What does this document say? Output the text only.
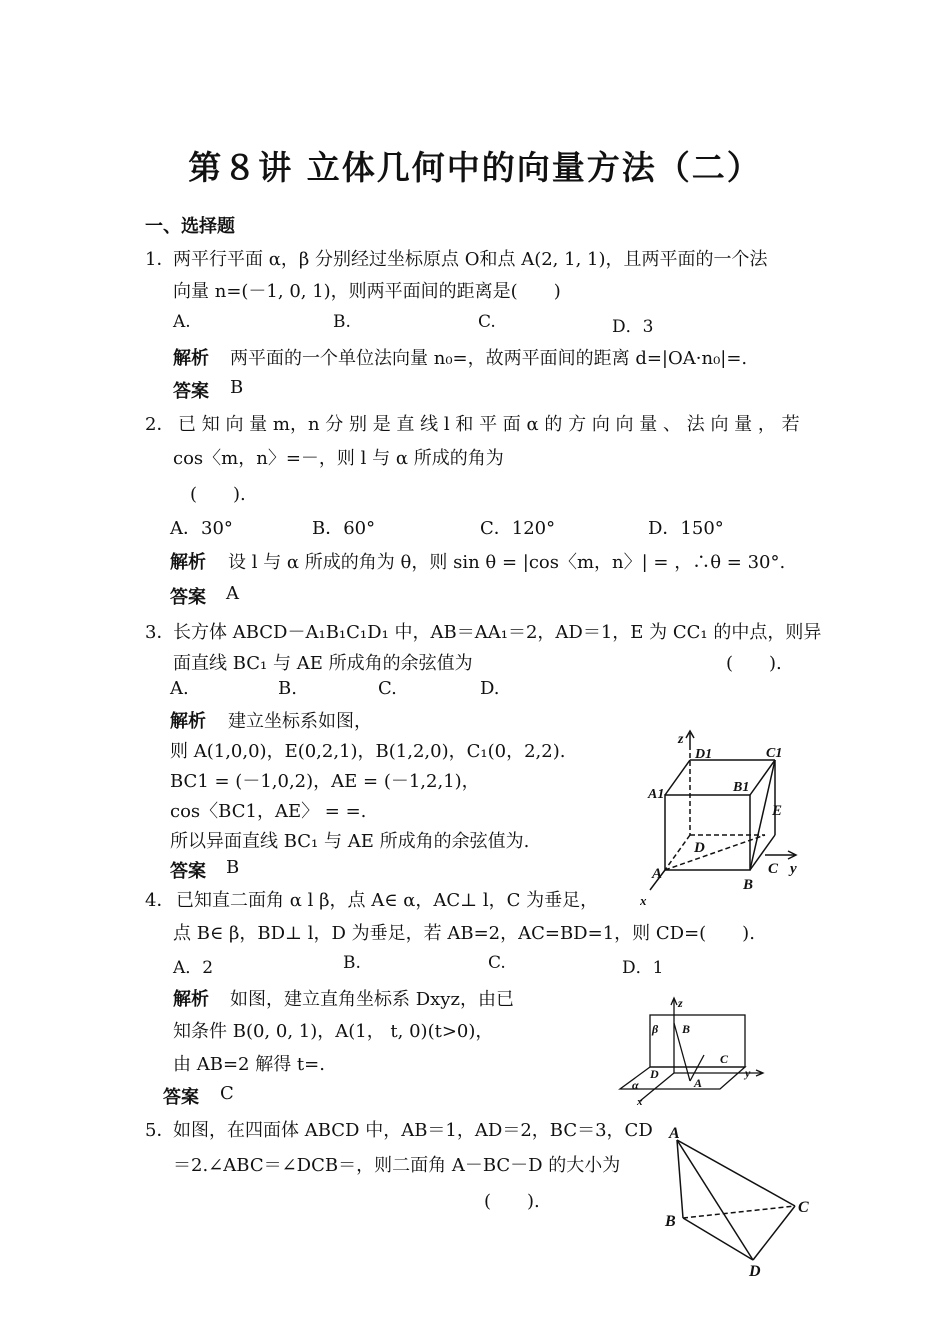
第８讲 立体几何中的向量方法（二）
一、选择题
1．
两平行平面 α，β 分别经过坐标原点 O和点 A(2, 1, 1)，且两平面的一个法
向量 n=(－1, 0, 1)，则两平面间的距离是(　　)
A.	B.	C.	D．3
解析 两平面的一个单位法向量 n₀=，故两平面间的距离 d=|OA·n₀|=.
答案 B
2． 已 知 向 量 m，n 分 别 是 直 线 l 和 平 面 α 的 方 向 向 量 、 法 向 量 ， 若
cos〈m，n〉=－，则 l 与 α 所成的角为
(　　).
A．30°	B．60°	C．120°	D．150°
解析 设 l 与 α 所成的角为 θ，则 sin θ = |cos〈m，n〉| = ，∴θ = 30°.
答案 A
3．
长方体 ABCD－A₁B₁C₁D₁ 中，AB＝AA₁＝2，AD＝1，E 为 CC₁ 的中点，则异
面直线 BC₁ 与 AE 所成角的余弦值为	(　　).
A.	B.	C.	D.
解析 建立坐标系如图，
则 A(1,0,0)，E(0,2,1)，B(1,2,0)，C₁(0，2,2).
BC1 = (－1,0,2)，AE = (－1,2,1)，
cos〈BC1，AE〉 = =.
所以异面直线 BC₁ 与 AE 所成角的余弦值为.
答案 B
z
D1	C1
A1	B1
E
D
C y
A
B
x
4． 已知直二面角 α l β，点 A∈ α，AC⊥ l，C 为垂足，
点 B∈ β，BD⊥ l，D 为垂足，若 AB=2，AC=BD=1，则 CD=(　　).
A．2	B.	C.	D．1
解析 如图，建立直角坐标系 Dxyz，由已
知条件 B(0, 0, 1)，A(1， t, 0)(t>0)，
由 AB=2 解得 t=.
答案 C
β B
z
C
y
D
α	A
x
5．
如图，在四面体 ABCD 中，AB＝1，AD＝2，BC＝3，CD
＝2.∠ABC＝∠DCB＝，则二面角 A－BC－D 的大小为
(　　).
A
B
C
D
